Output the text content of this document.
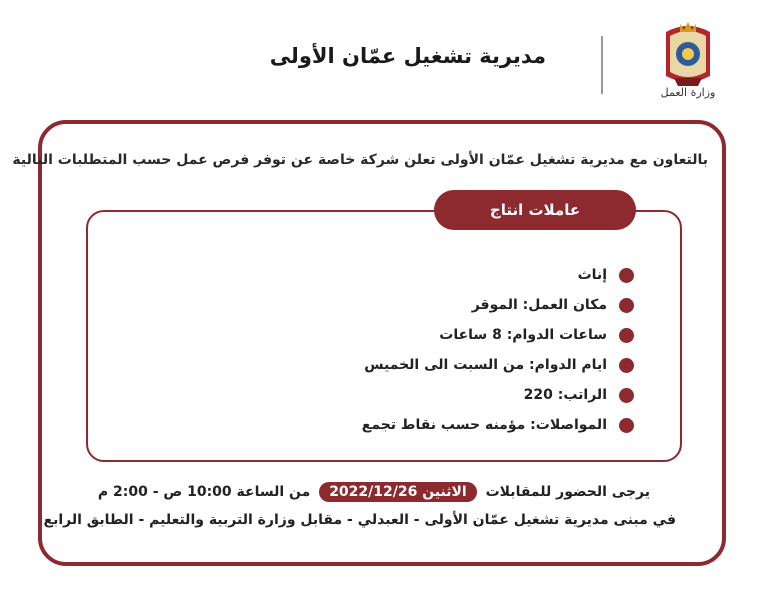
مديرية تشغيل عمّان الأولى
وزارة العمل
بالتعاون مع مديرية تشغيل عمّان الأولى تعلن شركة خاصة عن توفر فرص عمل حسب المتطلبات التالية
عاملات انتاج
إناث
مكان العمل: الموقر
ساعات الدوام: 8 ساعات
ايام الدوام: من السبت الى الخميس
الراتب: 220
المواصلات: مؤمنه حسب نقاط تجمع
يرجى الحضور للمقابلات الاثنين 2022/12/26 من الساعة 10:00 ص - 2:00 م
في مبنى مديرية تشغيل عمّان الأولى - العبدلي - مقابل وزارة التربية والتعليم - الطابق الرابع
